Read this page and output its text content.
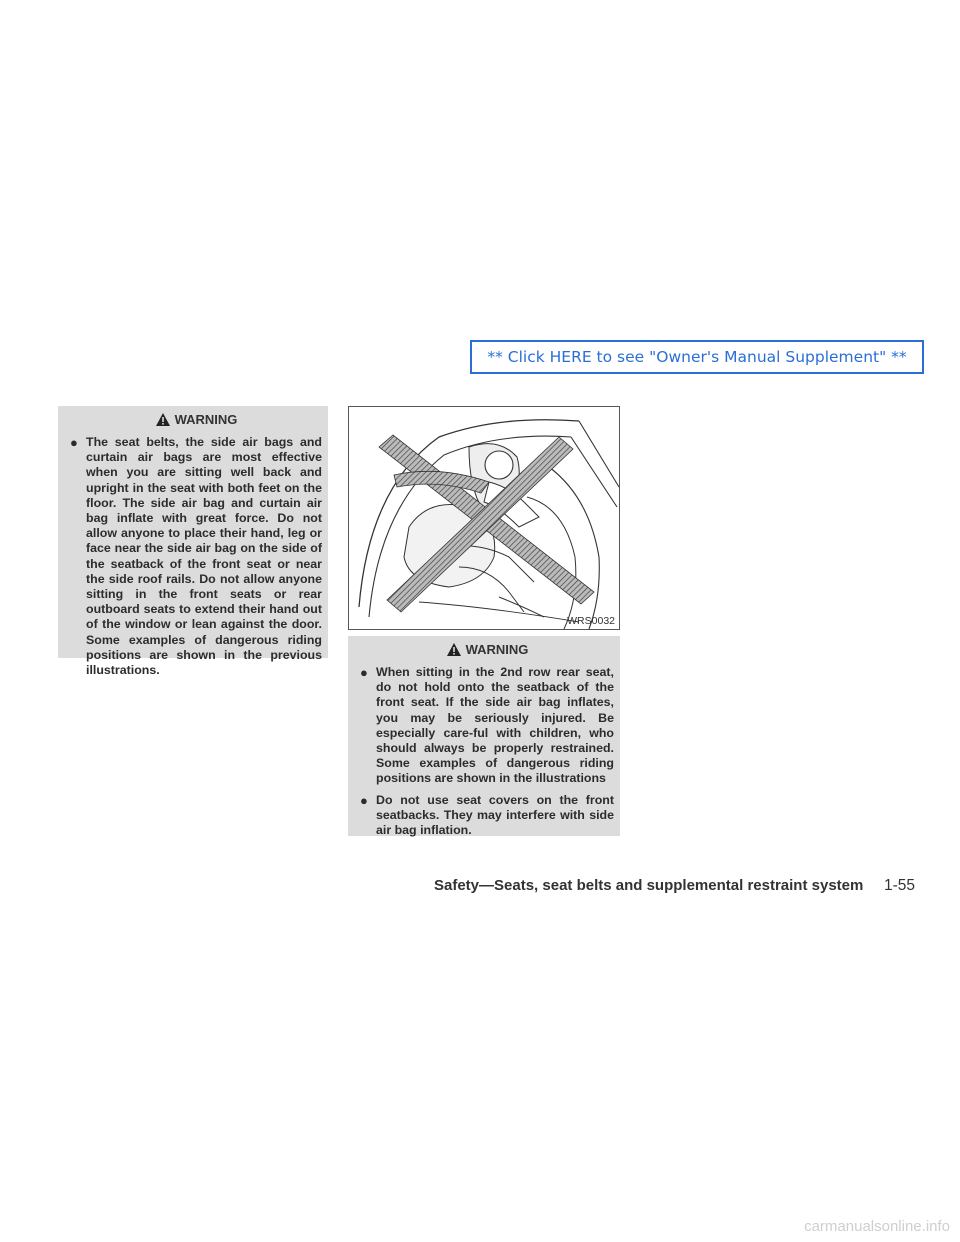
** Click HERE to see "Owner's Manual Supplement" **
WARNING
● The seat belts, the side air bags and curtain air bags are most effective when you are sitting well back and upright in the seat with both feet on the floor. The side air bag and curtain air bag inflate with great force. Do not allow anyone to place their hand, leg or face near the side air bag on the side of the seatback of the front seat or near the side roof rails. Do not allow anyone sitting in the front seats or rear outboard seats to extend their hand out of the window or lean against the door. Some examples of dangerous riding positions are shown in the previous illustrations.
WRS0032
WARNING
● When sitting in the 2nd row rear seat, do not hold onto the seatback of the front seat. If the side air bag inflates, you may be seriously injured. Be especially care-ful with children, who should always be properly restrained. Some examples of dangerous riding positions are shown in the illustrations
● Do not use seat covers on the front seatbacks. They may interfere with side air bag inflation.
Safety—Seats, seat belts and supplemental restraint system 1-55
carmanualsonline.info
